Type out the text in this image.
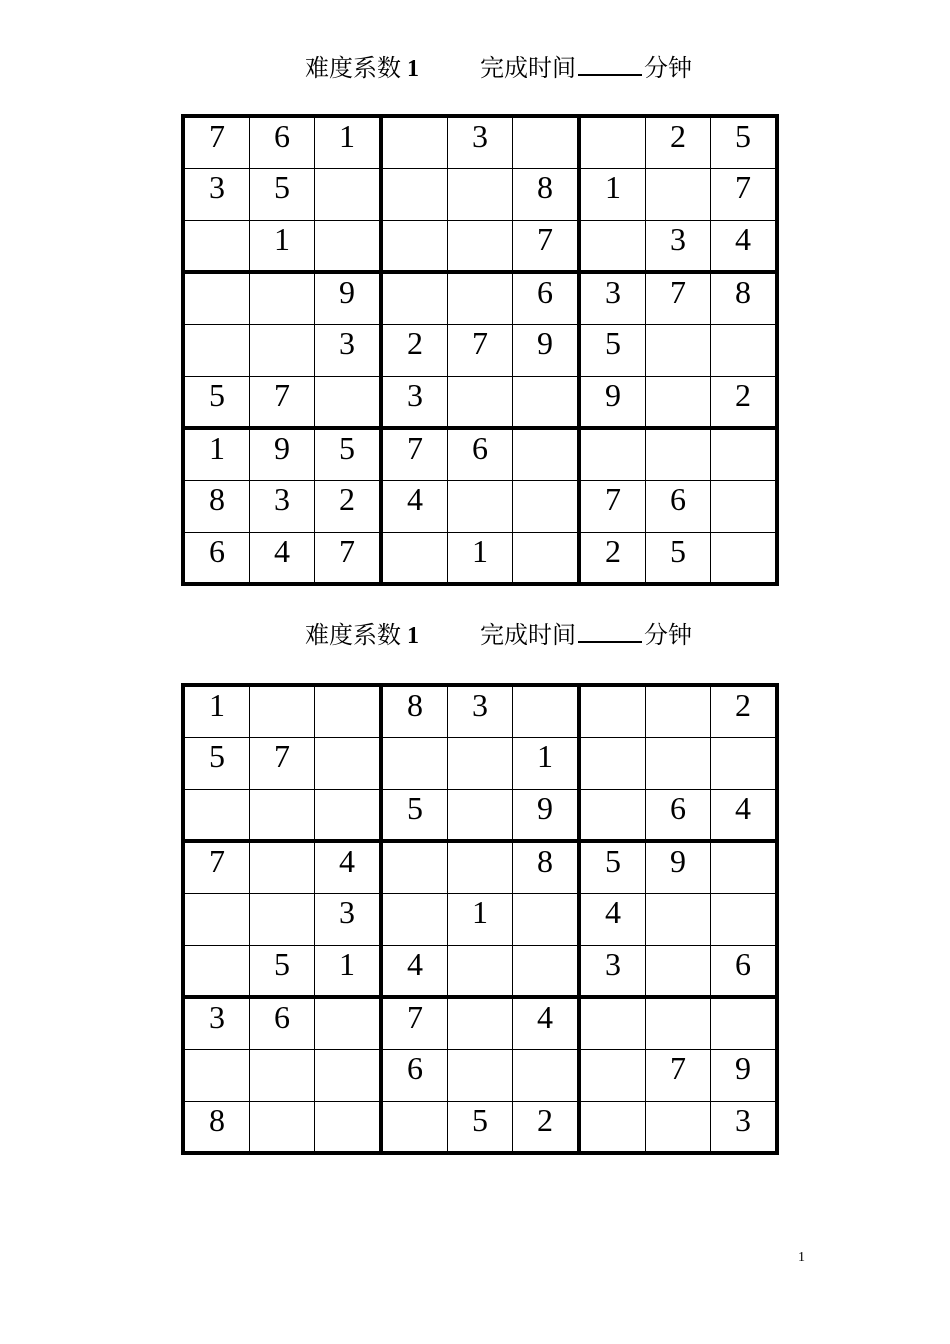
难度系数 1	完成时间	分钟
7	6	1		3			2	5

3	5				8	1		7

	1				7		3	4

		9			6	3	7	8

		3	2	7	9	5		

5	7		3			9		2

1	9	5	7	6				

8	3	2	4			7	6	

6	4	7		1		2	5	

难度系数 1	完成时间	分钟
1			8	3				2

5	7				1			

			5		9		6	4

7		4			8	5	9	

		3		1		4		

	5	1	4			3		6

3	6		7		4			

			6				7	9

8				5	2			3
1
